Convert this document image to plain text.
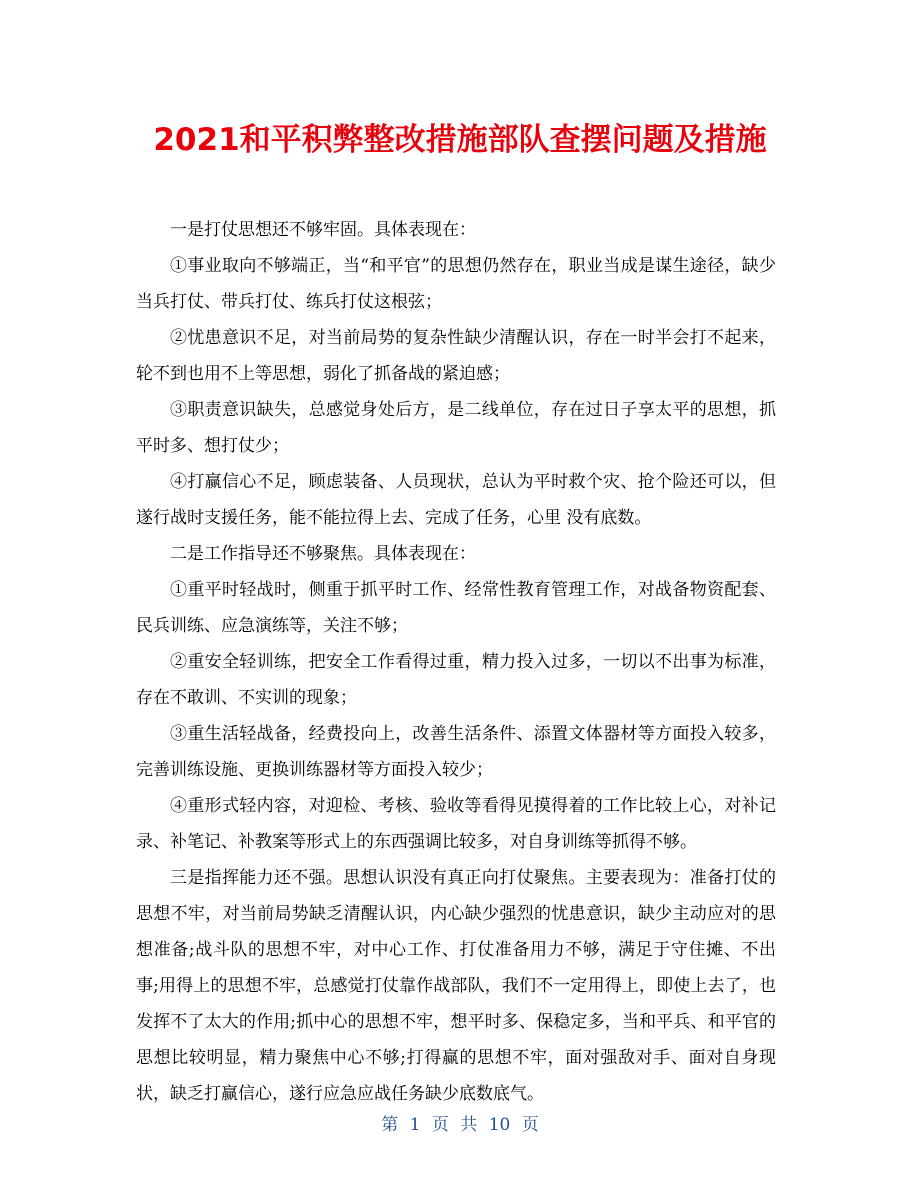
2021和平积弊整改措施部队查摆问题及措施

一是打仗思想还不够牢固。具体表现在：

①事业取向不够端正，当“和平官”的思想仍然存在，职业当成是谋生途径，缺少当兵打仗、带兵打仗、练兵打仗这根弦；

②忧患意识不足，对当前局势的复杂性缺少清醒认识，存在一时半会打不起来，轮不到也用不上等思想，弱化了抓备战的紧迫感；

③职责意识缺失，总感觉身处后方，是二线单位，存在过日子享太平的思想，抓平时多、想打仗少；

④打赢信心不足，顾虑装备、人员现状，总认为平时救个灾、抢个险还可以，但遂行战时支援任务，能不能拉得上去、完成了任务，心里 没有底数。

二是工作指导还不够聚焦。具体表现在：

①重平时轻战时，侧重于抓平时工作、经常性教育管理工作，对战备物资配套、民兵训练、应急演练等，关注不够；

②重安全轻训练，把安全工作看得过重，精力投入过多，一切以不出事为标准，存在不敢训、不实训的现象；

③重生活轻战备，经费投向上，改善生活条件、添置文体器材等方面投入较多，完善训练设施、更换训练器材等方面投入较少；

④重形式轻内容，对迎检、考核、验收等看得见摸得着的工作比较上心，对补记录、补笔记、补教案等形式上的东西强调比较多，对自身训练等抓得不够。

三是指挥能力还不强。思想认识没有真正向打仗聚焦。主要表现为：准备打仗的思想不牢，对当前局势缺乏清醒认识，内心缺少强烈的忧患意识，缺少主动应对的思想准备;战斗队的思想不牢，对中心工作、打仗准备用力不够，满足于守住摊、不出事;用得上的思想不牢，总感觉打仗靠作战部队，我们不一定用得上，即使上去了，也发挥不了太大的作用;抓中心的思想不牢，想平时多、保稳定多，当和平兵、和平官的思想比较明显，精力聚焦中心不够;打得赢的思想不牢，面对强敌对手、面对自身现状，缺乏打赢信心，遂行应急应战任务缺少底数底气。

第 1 页 共 10 页
